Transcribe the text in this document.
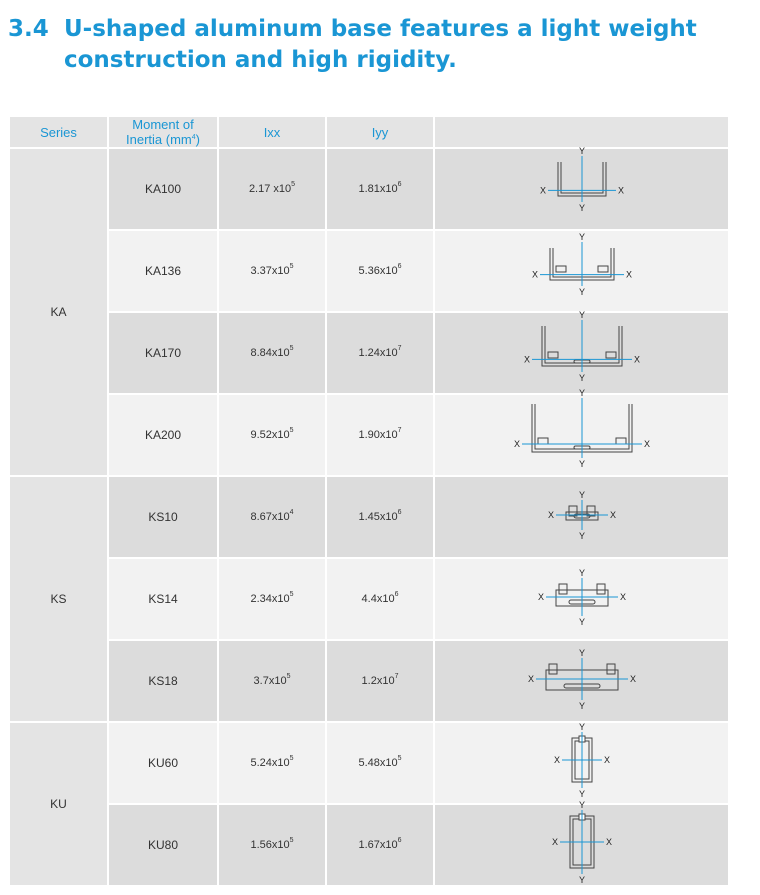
3.4 U-shaped aluminum base features a light weight
construction and high rigidity.
Series	Moment of
Inertia $(mm^4)$	Ixx	Iyy	
KA	KA100	2.17 $x10^5$	$1.81x10^6$	X X
Y
Y

	KA136	$3.37x10^5$	$5.36x10^6$	X X
Y
Y

	KA170	$8.84x10^5$	$1.24x10^7$	X X
Y
Y

	KA200	$9.52x10^5$	$1.90x10^7$	X X
Y
Y

KS	KS10	$8.67x10^4$	$1.45x10^6$	X X
Y
Y

	KS14	$2.34x10^5$	$4.4x10^6$	X X
Y
Y

	KS18	$3.7x10^5$	$1.2x10^7$	X X
Y
Y

KU	KU60	$5.24x10^5$	$5.48x10^5$	X X
Y
Y

	KU80	$1.56x10^5$	$1.67x10^6$	X X
Y
Y
